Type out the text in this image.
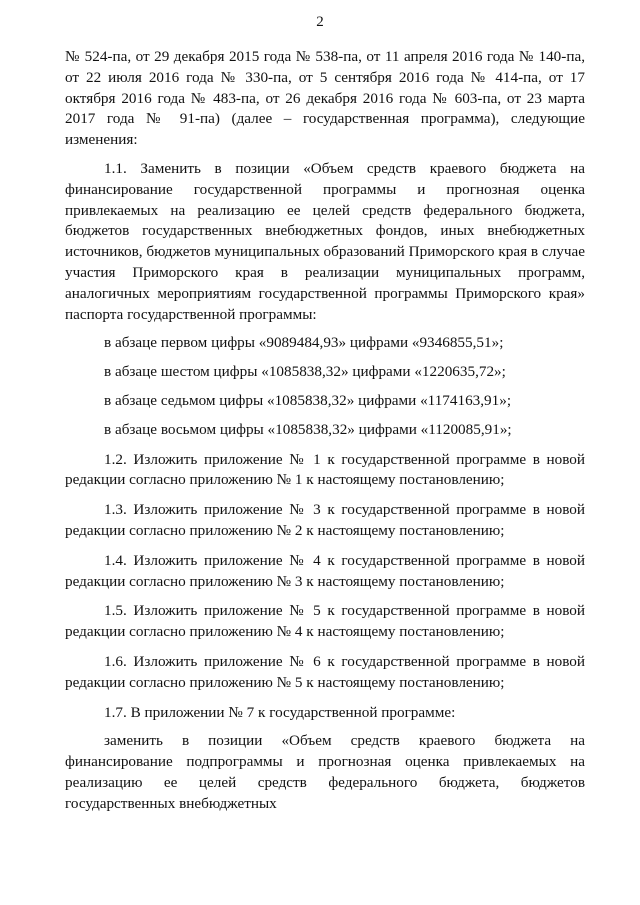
2

№ 524-па, от 29 декабря 2015 года № 538-па, от 11 апреля 2016 года № 140-па, от 22 июля 2016 года № 330-па, от 5 сентября 2016 года № 414-па, от 17 октября 2016 года № 483-па, от 26 декабря 2016 года № 603-па, от 23 марта 2017 года № 91-па) (далее – государственная программа), следующие изменения:

1.1. Заменить в позиции «Объем средств краевого бюджета на финансирование государственной программы и прогнозная оценка привлекаемых на реализацию ее целей средств федерального бюджета, бюджетов государственных внебюджетных фондов, иных внебюджетных источников, бюджетов муниципальных образований Приморского края в случае участия Приморского края в реализации муниципальных программ, аналогичных мероприятиям государственной программы Приморского края» паспорта государственной программы:

в абзаце первом цифры «9089484,93» цифрами «9346855,51»;

в абзаце шестом цифры «1085838,32» цифрами «1220635,72»;

в абзаце седьмом цифры «1085838,32» цифрами «1174163,91»;

в абзаце восьмом цифры «1085838,32» цифрами «1120085,91»;

1.2. Изложить приложение № 1 к государственной программе в новой редакции согласно приложению № 1 к настоящему постановлению;

1.3. Изложить приложение № 3 к государственной программе в новой редакции согласно приложению № 2 к настоящему постановлению;

1.4. Изложить приложение № 4 к государственной программе в новой редакции согласно приложению № 3 к настоящему постановлению;

1.5. Изложить приложение № 5 к государственной программе в новой редакции согласно приложению № 4 к настоящему постановлению;

1.6. Изложить приложение № 6 к государственной программе в новой редакции согласно приложению № 5 к настоящему постановлению;

1.7. В приложении № 7 к государственной программе:

заменить в позиции «Объем средств краевого бюджета на финансирование подпрограммы и прогнозная оценка привлекаемых на реализацию ее целей средств федерального бюджета, бюджетов государственных внебюджетных
